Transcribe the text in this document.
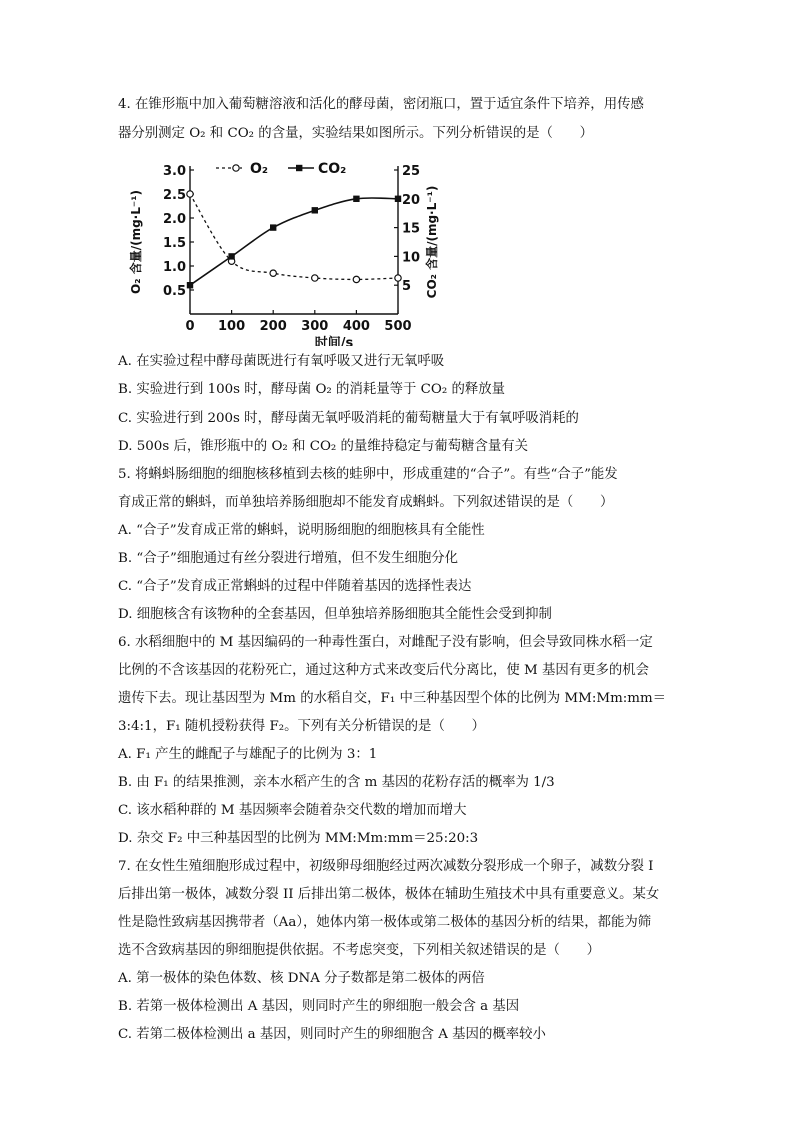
4. 在锥形瓶中加入葡萄糖溶液和活化的酵母菌，密闭瓶口，置于适宜条件下培养，用传感
器分别测定 O₂ 和 CO₂ 的含量，实验结果如图所示。下列分析错误的是（　　）
0 100 200 300 400 500
0.5
1.0
1.5
2.0
2.5
3.0
5
10
15
20
25
时间/s
O₂ 含量/(mg·L⁻¹)	CO₂ 含量/(mg·L⁻¹)
O₂	CO₂
A. 在实验过程中酵母菌既进行有氧呼吸又进行无氧呼吸
B. 实验进行到 100s 时，酵母菌 O₂ 的消耗量等于 CO₂ 的释放量
C. 实验进行到 200s 时，酵母菌无氧呼吸消耗的葡萄糖量大于有氧呼吸消耗的
D. 500s 后，锥形瓶中的 O₂ 和 CO₂ 的量维持稳定与葡萄糖含量有关
5. 将蝌蚪肠细胞的细胞核移植到去核的蛙卵中，形成重建的“合子”。有些“合子”能发
育成正常的蝌蚪，而单独培养肠细胞却不能发育成蝌蚪。下列叙述错误的是（　　）
A. “合子”发育成正常的蝌蚪，说明肠细胞的细胞核具有全能性
B. “合子”细胞通过有丝分裂进行增殖，但不发生细胞分化
C. “合子”发育成正常蝌蚪的过程中伴随着基因的选择性表达
D. 细胞核含有该物种的全套基因，但单独培养肠细胞其全能性会受到抑制
6. 水稻细胞中的 M 基因编码的一种毒性蛋白，对雌配子没有影响，但会导致同株水稻一定
比例的不含该基因的花粉死亡，通过这种方式来改变后代分离比，使 M 基因有更多的机会
遗传下去。现让基因型为 Mm 的水稻自交，F₁ 中三种基因型个体的比例为 MM:Mm:mm＝
3:4:1，F₁ 随机授粉获得 F₂。下列有关分析错误的是（　　）
A. F₁ 产生的雌配子与雄配子的比例为 3：1
B. 由 F₁ 的结果推测，亲本水稻产生的含 m 基因的花粉存活的概率为 1/3
C. 该水稻种群的 M 基因频率会随着杂交代数的增加而增大
D. 杂交 F₂ 中三种基因型的比例为 MM:Mm:mm＝25:20:3
7. 在女性生殖细胞形成过程中，初级卵母细胞经过两次减数分裂形成一个卵子，减数分裂 I
后排出第一极体，减数分裂 II 后排出第二极体，极体在辅助生殖技术中具有重要意义。某女
性是隐性致病基因携带者（Aa），她体内第一极体或第二极体的基因分析的结果，都能为筛
选不含致病基因的卵细胞提供依据。不考虑突变，下列相关叙述错误的是（　　）
A. 第一极体的染色体数、核 DNA 分子数都是第二极体的两倍
B. 若第一极体检测出 A 基因，则同时产生的卵细胞一般会含 a 基因
C. 若第二极体检测出 a 基因，则同时产生的卵细胞含 A 基因的概率较小
